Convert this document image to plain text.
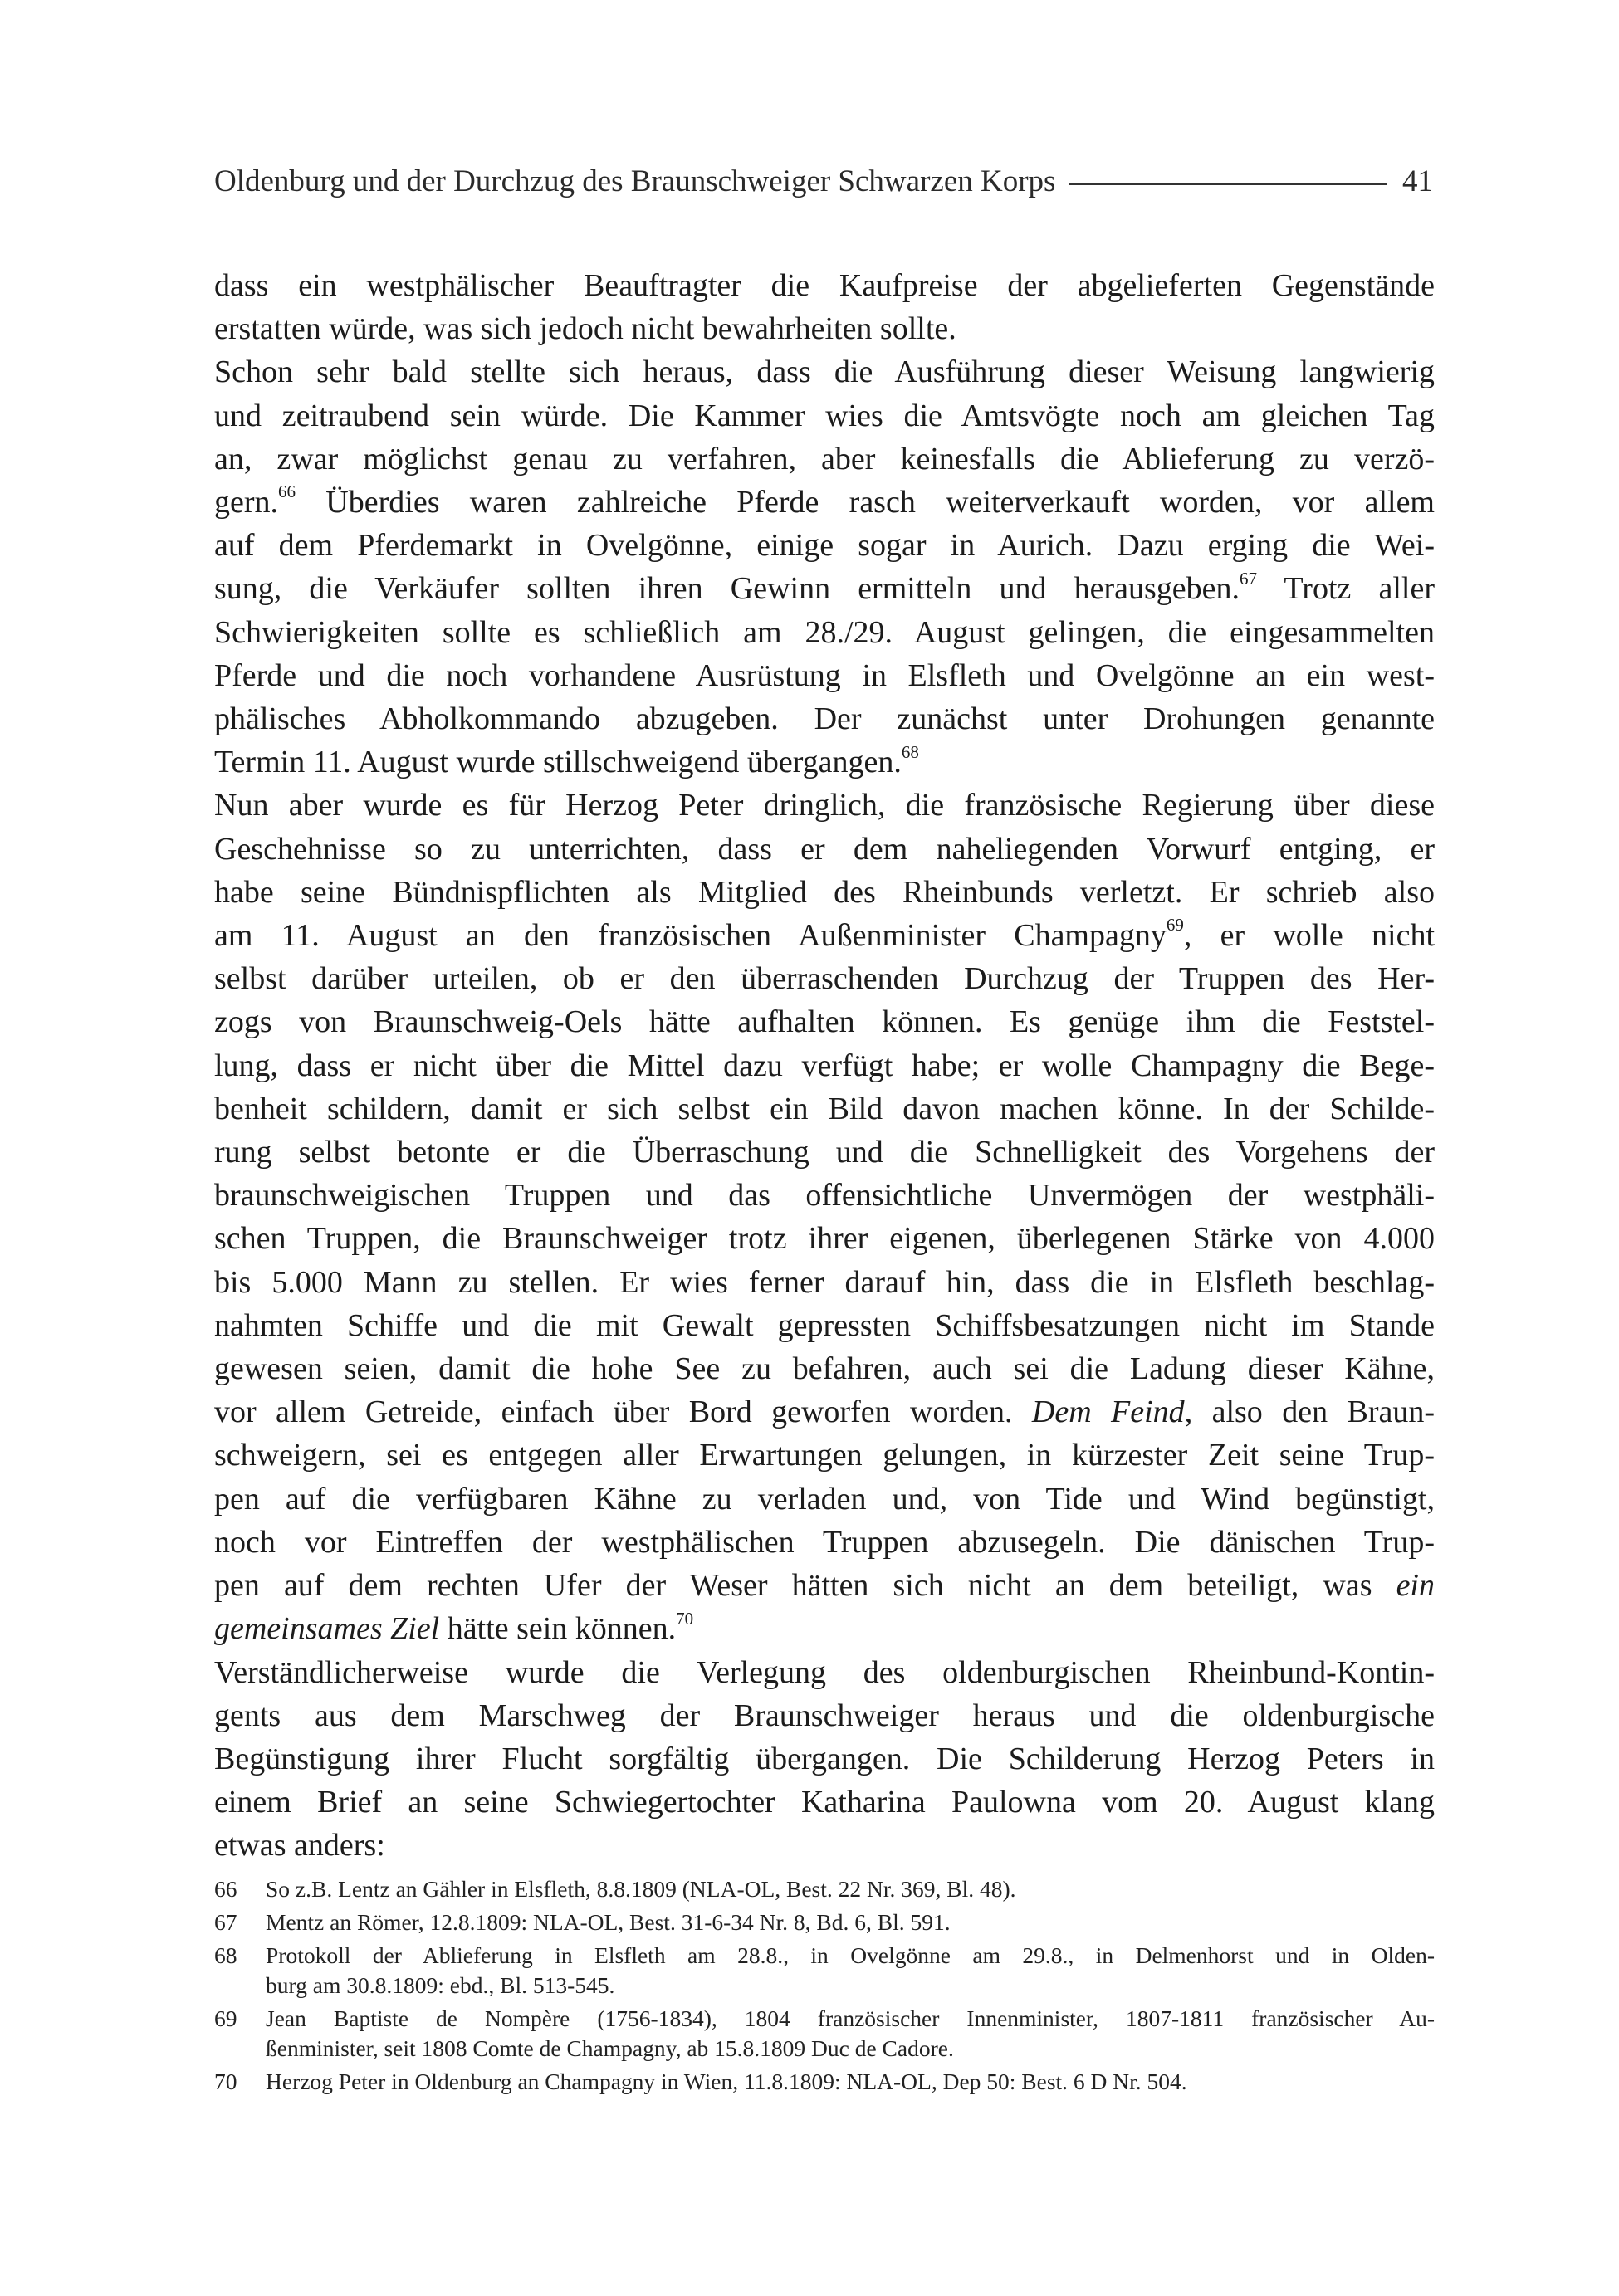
Oldenburg und der Durchzug des Braunschweiger Schwarzen Korps	41

dass ein westphälischer Beauftragter die Kaufpreise der abgelieferten Gegenstände
erstatten würde, was sich jedoch nicht bewahrheiten sollte.

Schon sehr bald stellte sich heraus, dass die Ausführung dieser Weisung langwierig
und zeitraubend sein würde. Die Kammer wies die Amtsvögte noch am gleichen Tag
an, zwar möglichst genau zu verfahren, aber keinesfalls die Ablieferung zu verzö-
gern.$^{66}$ Überdies waren zahlreiche Pferde rasch weiterverkauft worden, vor allem
auf dem Pferdemarkt in Ovelgönne, einige sogar in Aurich. Dazu erging die Wei-
sung, die Verkäufer sollten ihren Gewinn ermitteln und herausgeben.$^{67}$ Trotz aller
Schwierigkeiten sollte es schließlich am 28./29. August gelingen, die eingesammelten
Pferde und die noch vorhandene Ausrüstung in Elsfleth und Ovelgönne an ein west-
phälisches Abholkommando abzugeben. Der zunächst unter Drohungen genannte
Termin 11. August wurde stillschweigend übergangen.$^{68}$

Nun aber wurde es für Herzog Peter dringlich, die französische Regierung über diese
Geschehnisse so zu unterrichten, dass er dem naheliegenden Vorwurf entging, er
habe seine Bündnispflichten als Mitglied des Rheinbunds verletzt. Er schrieb also
am 11. August an den französischen Außenminister Champagny$^{69}$, er wolle nicht
selbst darüber urteilen, ob er den überraschenden Durchzug der Truppen des Her-
zogs von Braunschweig-Oels hätte aufhalten können. Es genüge ihm die Feststel-
lung, dass er nicht über die Mittel dazu verfügt habe; er wolle Champagny die Bege-
benheit schildern, damit er sich selbst ein Bild davon machen könne. In der Schilde-
rung selbst betonte er die Überraschung und die Schnelligkeit des Vorgehens der
braunschweigischen Truppen und das offensichtliche Unvermögen der westphäli-
schen Truppen, die Braunschweiger trotz ihrer eigenen, überlegenen Stärke von 4.000
bis 5.000 Mann zu stellen. Er wies ferner darauf hin, dass die in Elsfleth beschlag-
nahmten Schiffe und die mit Gewalt gepressten Schiffsbesatzungen nicht im Stande
gewesen seien, damit die hohe See zu befahren, auch sei die Ladung dieser Kähne,
vor allem Getreide, einfach über Bord geworfen worden. Dem Feind, also den Braun-
schweigern, sei es entgegen aller Erwartungen gelungen, in kürzester Zeit seine Trup-
pen auf die verfügbaren Kähne zu verladen und, von Tide und Wind begünstigt,
noch vor Eintreffen der westphälischen Truppen abzusegeln. Die dänischen Trup-
pen auf dem rechten Ufer der Weser hätten sich nicht an dem beteiligt, was ein
gemeinsames Ziel hätte sein können.$^{70}$

Verständlicherweise wurde die Verlegung des oldenburgischen Rheinbund-Kontin-
gents aus dem Marschweg der Braunschweiger heraus und die oldenburgische
Begünstigung ihrer Flucht sorgfältig übergangen. Die Schilderung Herzog Peters in
einem Brief an seine Schwiegertochter Katharina Paulowna vom 20. August klang
etwas anders:

66	So z.B. Lentz an Gähler in Elsfleth, 8.8.1809 (NLA-OL, Best. 22 Nr. 369, Bl. 48).
67	Mentz an Römer, 12.8.1809: NLA-OL, Best. 31-6-34 Nr. 8, Bd. 6, Bl. 591.
68	Protokoll der Ablieferung in Elsfleth am 28.8., in Ovelgönne am 29.8., in Delmenhorst und in Olden-
burg am 30.8.1809: ebd., Bl. 513-545.
69	Jean Baptiste de Nompère (1756-1834), 1804 französischer Innenminister, 1807-1811 französischer Au-
ßenminister, seit 1808 Comte de Champagny, ab 15.8.1809 Duc de Cadore.
70	Herzog Peter in Oldenburg an Champagny in Wien, 11.8.1809: NLA-OL, Dep 50: Best. 6 D Nr. 504.
